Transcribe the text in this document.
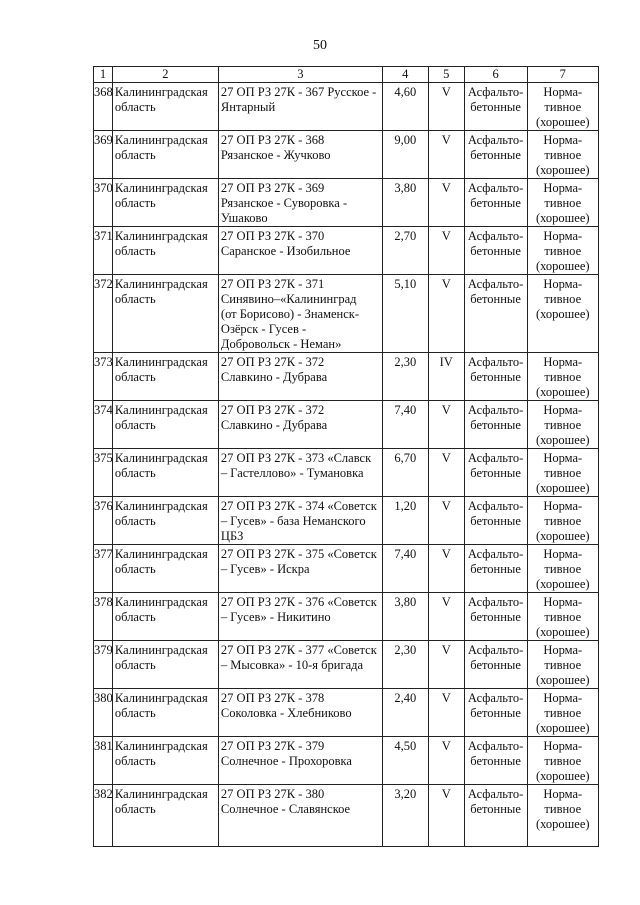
50
1	2	3	4	5	6	7

368	Калининградская
область	27 ОП РЗ 27К - 367 Русское -
Янтарный	4,60	V	Асфальто-
бетонные	Норма-
тивное
(хорошее)

369	Калининградская
область	27 ОП РЗ 27К - 368
Рязанское - Жучково	9,00	V	Асфальто-
бетонные	Норма-
тивное
(хорошее)

370	Калининградская
область	27 ОП РЗ 27К - 369
Рязанское - Суворовка -
Ушаково	3,80	V	Асфальто-
бетонные	Норма-
тивное
(хорошее)

371	Калининградская
область	27 ОП РЗ 27К - 370
Саранское - Изобильное	2,70	V	Асфальто-
бетонные	Норма-
тивное
(хорошее)

372	Калининградская
область	27 ОП РЗ 27К - 371
Синявино–«Калининград
(от Борисово) - Знаменск-
Озёрск - Гусев -
Добровольск - Неман»	5,10	V	Асфальто-
бетонные	Норма-
тивное
(хорошее)

373	Калининградская
область	27 ОП РЗ 27К - 372
Славкино - Дубрава	2,30	IV	Асфальто-
бетонные	Норма-
тивное
(хорошее)

374	Калининградская
область	27 ОП РЗ 27К - 372
Славкино - Дубрава	7,40	V	Асфальто-
бетонные	Норма-
тивное
(хорошее)

375	Калининградская
область	27 ОП РЗ 27К - 373 «Славск
– Гастеллово» - Тумановка	6,70	V	Асфальто-
бетонные	Норма-
тивное
(хорошее)

376	Калининградская
область	27 ОП РЗ 27К - 374 «Советск
– Гусев» - база Неманского
ЦБЗ	1,20	V	Асфальто-
бетонные	Норма-
тивное
(хорошее)

377	Калининградская
область	27 ОП РЗ 27К - 375 «Советск
– Гусев» - Искра	7,40	V	Асфальто-
бетонные	Норма-
тивное
(хорошее)

378	Калининградская
область	27 ОП РЗ 27К - 376 «Советск
– Гусев» - Никитино	3,80	V	Асфальто-
бетонные	Норма-
тивное
(хорошее)

379	Калининградская
область	27 ОП РЗ 27К - 377 «Советск
– Мысовка» - 10-я бригада	2,30	V	Асфальто-
бетонные	Норма-
тивное
(хорошее)

380	Калининградская
область	27 ОП РЗ 27К - 378
Соколовка - Хлебниково	2,40	V	Асфальто-
бетонные	Норма-
тивное
(хорошее)

381	Калининградская
область	27 ОП РЗ 27К - 379
Солнечное - Прохоровка	4,50	V	Асфальто-
бетонные	Норма-
тивное
(хорошее)

382	Калининградская
область	27 ОП РЗ 27К - 380
Солнечное - Славянское	3,20	V	Асфальто-
бетонные	Норма-
тивное
(хорошее)
